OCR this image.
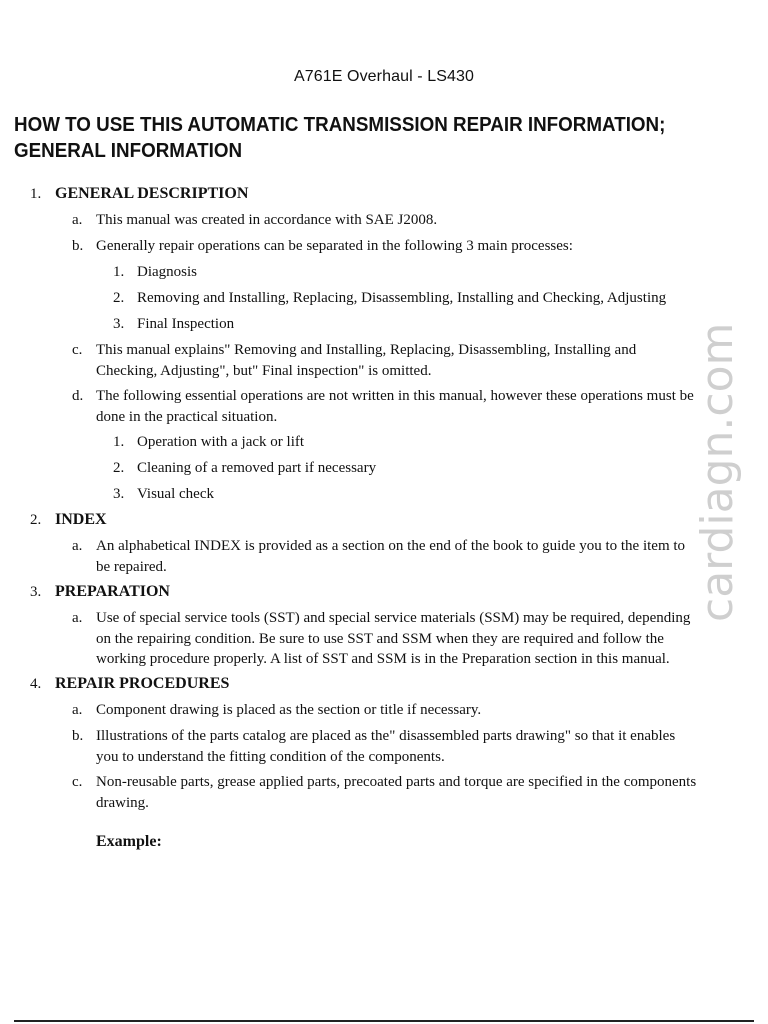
A761E Overhaul - LS430
HOW TO USE THIS AUTOMATIC TRANSMISSION REPAIR INFORMATION;
GENERAL INFORMATION
1. GENERAL DESCRIPTION
a. This manual was created in accordance with SAE J2008.
b. Generally repair operations can be separated in the following 3 main processes:
1. Diagnosis
2. Removing and Installing, Replacing, Disassembling, Installing and Checking, Adjusting
3. Final Inspection
c. This manual explains" Removing and Installing, Replacing, Disassembling, Installing and
Checking, Adjusting", but" Final inspection" is omitted.
d. The following essential operations are not written in this manual, however these operations must be
done in the practical situation.
1. Operation with a jack or lift
2. Cleaning of a removed part if necessary
3. Visual check
2. INDEX
a. An alphabetical INDEX is provided as a section on the end of the book to guide you to the item to
be repaired.
3. PREPARATION
a. Use of special service tools (SST) and special service materials (SSM) may be required, depending
on the repairing condition. Be sure to use SST and SSM when they are required and follow the
working procedure properly. A list of SST and SSM is in the Preparation section in this manual.
4. REPAIR PROCEDURES
a. Component drawing is placed as the section or title if necessary.
b. Illustrations of the parts catalog are placed as the" disassembled parts drawing" so that it enables
you to understand the fitting condition of the components.
c. Non-reusable parts, grease applied parts, precoated parts and torque are specified in the components
drawing.
Example:
cardiagn.com
